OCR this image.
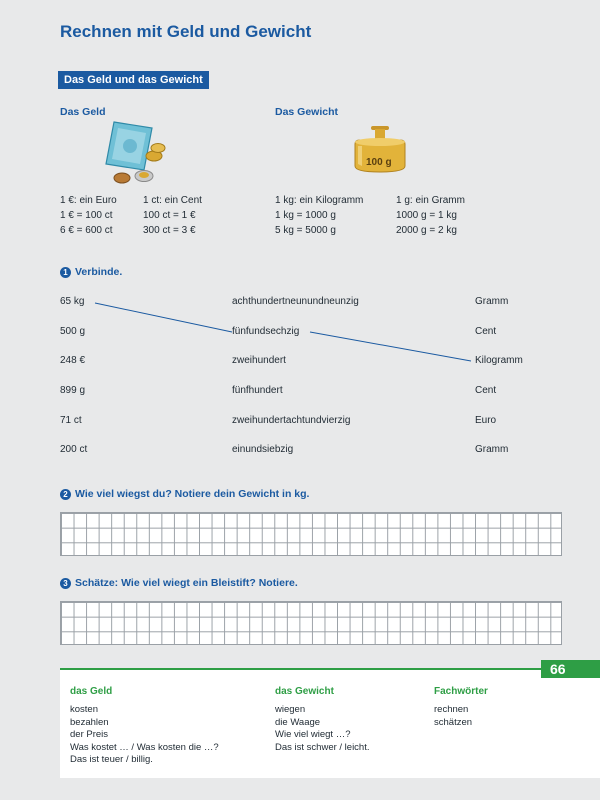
Rechnen mit Geld und Gewicht
Das Geld und das Gewicht
Das Geld
1 €: ein Euro
1 € = 100 ct
6 € = 600 ct
1 ct: ein Cent
100 ct = 1 €
300 ct = 3 €
Das Gewicht
100 g
1 kg: ein Kilogramm
1 kg = 1000 g
5 kg = 5000 g
1 g: ein Gramm
1000 g = 1 kg
2000 g = 2 kg
1 Verbinde.
65 kg	achthundertneunundneunzig	Gramm
500 g	fünfundsechzig	Cent
248 €	zweihundert	Kilogramm
899 g	fünfhundert	Cent
71 ct	zweihundertachtundvierzig	Euro
200 ct	einundsiebzig	Gramm
2 Wie viel wiegst du? Notiere dein Gewicht in kg.
3 Schätze: Wie viel wiegt ein Bleistift? Notiere.
das Geld
kosten
bezahlen
der Preis
Was kostet … / Was kosten die …?
Das ist teuer / billig.
das Gewicht
wiegen
die Waage
Wie viel wiegt …?
Das ist schwer / leicht.
Fachwörter
rechnen
schätzen
66
